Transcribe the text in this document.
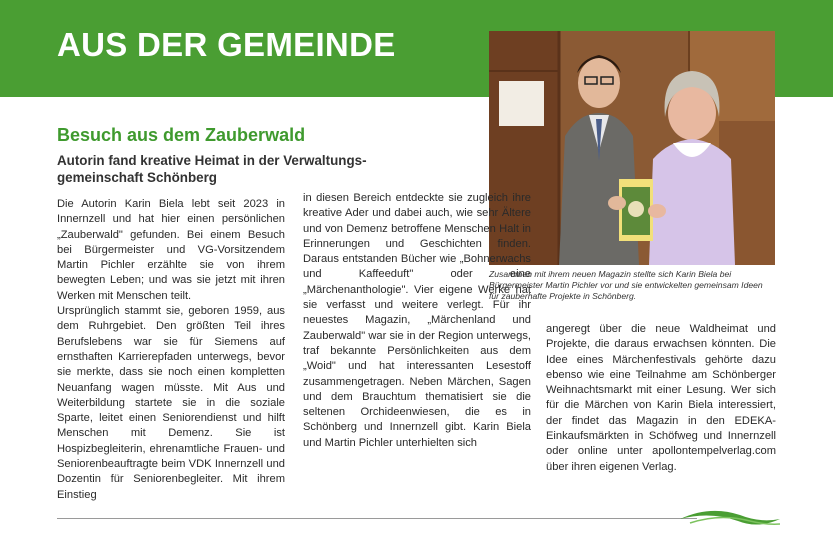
AUS DER GEMEINDE
Besuch aus dem Zauberwald
Autorin fand kreative Heimat in der Verwaltungs-gemeinschaft Schönberg

Die Autorin Karin Biela lebt seit 2023 in Innernzell und hat hier einen persönlichen „Zauberwald" gefunden. Bei einem Besuch bei Bürgermeister und VG-Vorsitzendem Martin Pichler erzählte sie von ihrem bewegten Leben; und was sie jetzt mit ihren Werken mit Menschen teilt.

Ursprünglich stammt sie, geboren 1959, aus dem Ruhrgebiet. Den größten Teil ihres Berufslebens war sie für Siemens auf ernsthaften Karrierepfaden unterwegs, bevor sie merkte, dass sie noch einen kompletten Neuanfang wagen müsste. Mit Aus und Weiterbildung startete sie in die soziale Sparte, leitet einen Seniorendienst und hilft Menschen mit Demenz. Sie ist Hospizbegleiterin, ehrenamtliche Frauen- und Seniorenbeauftragte beim VDK Innernzell und Dozentin für Seniorenbegleiter. Mit ihrem Einstieg

in diesen Bereich entdeckte sie zugleich ihre kreative Ader und dabei auch, wie sehr Ältere und von Demenz betroffene Menschen Halt in Erinnerungen und Geschichten finden. Daraus entstanden Bücher wie „Bohnerwachs und Kaffeeduft" oder eine „Märchenanthologie". Vier eigene Werke hat sie verfasst und weitere verlegt. Für ihr neuestes Magazin, „Märchenland und Zauberwald" war sie in der Region unterwegs, traf bekannte Persönlichkeiten aus dem „Woid" und hat interessanten Lesestoff zusammengetragen. Neben Märchen, Sagen und dem Brauchtum thematisiert sie die seltenen Orchideenwiesen, die es in Schönberg und Innernzell gibt. Karin Biela und Martin Pichler unterhielten sich

angeregt über die neue Waldheimat und Projekte, die daraus erwachsen könnten. Die Idee eines Märchenfestivals gehörte dazu ebenso wie eine Teilnahme am Schönberger Weihnachtsmarkt mit einer Lesung. Wer sich für die Märchen von Karin Biela interessiert, der findet das Magazin in den EDEKA-Einkaufsmärkten in Schöfweg und Innernzell oder online unter apollontempelverlag.com über ihren eigenen Verlag.

Zusammen mit ihrem neuen Magazin stellte sich Karin Biela bei Bürgermeister Martin Pichler vor und sie entwickelten gemeinsam Ideen für zauberhafte Projekte in Schönberg.
